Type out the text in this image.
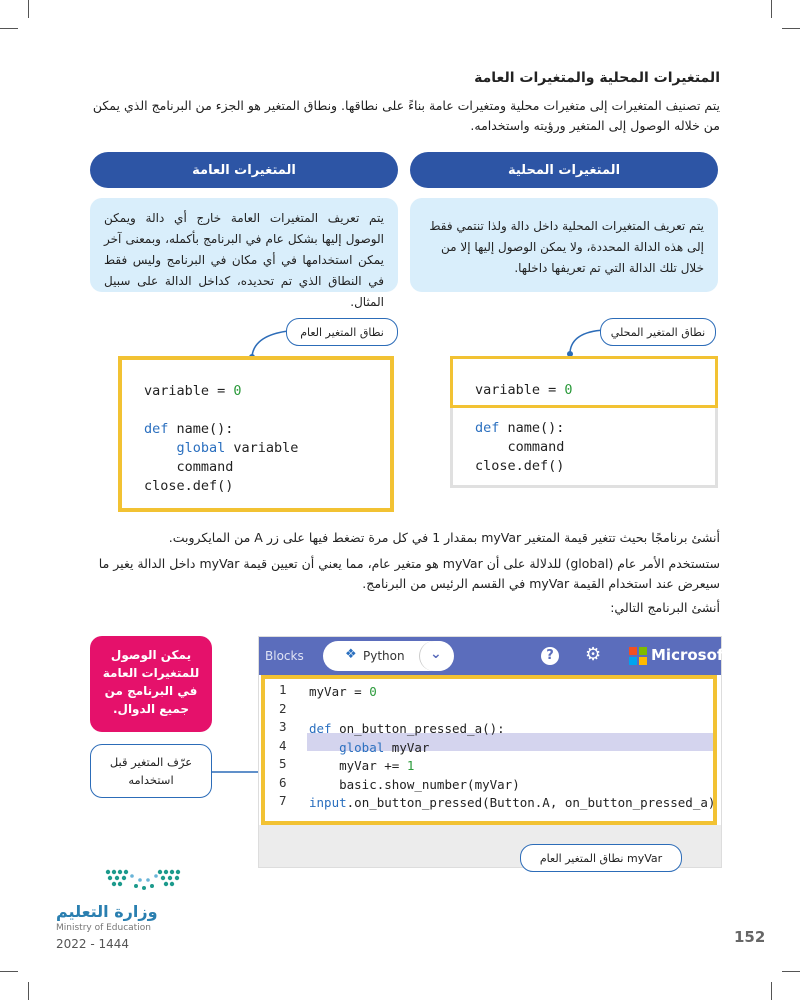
المتغيرات المحلية والمتغيرات العامة
يتم تصنيف المتغيرات إلى متغيرات محلية ومتغيرات عامة بناءً على نطاقها. ونطاق المتغير هو الجزء من البرنامج الذي يمكن من خلاله الوصول إلى المتغير ورؤيته واستخدامه.
المتغيرات العامة	المتغيرات المحلية
يتم تعريف المتغيرات العامة خارج أي دالة ويمكن الوصول إليها بشكل عام في البرنامج بأكمله، وبمعنى آخر يمكن استخدامها في أي مكان في البرنامج وليس فقط في النطاق الذي تم تحديده، كداخل الدالة على سبيل المثال.
يتم تعريف المتغيرات المحلية داخل دالة ولذا تنتمي فقط إلى هذه الدالة المحددة، ولا يمكن الوصول إليها إلا من خلال تلك الدالة التي تم تعريفها داخلها.
نطاق المتغير العام	نطاق المتغير المحلي
variable = 0

def name():
global variable
command
close.def()
variable = 0

def name():
command
close.def()
أنشئ برنامجًا بحيث تتغير قيمة المتغير myVar بمقدار 1 في كل مرة تضغط فيها على زر A من المايكروبت.
ستستخدم الأمر عام (global) للدلالة على أن myVar هو متغير عام، مما يعني أن تعيين قيمة myVar داخل الدالة يغير ما سيعرض عند استخدام القيمة myVar في القسم الرئيس من البرنامج.
أنشئ البرنامج التالي:
يمكن الوصول للمتغيرات العامة في البرنامج من جميع الدوال.
عرّف المتغير قبل استخدامه
Blocks	❖ Python ⌄	? ⚙	Microsoft
1 myVar = 0
2
3 def on_button_pressed_a():
4 global myVar
5 myVar += 1
6 basic.show_number(myVar)
7 input.on_button_pressed(Button.A, on_button_pressed_a)
نطاق المتغير العام myVar
وزارة التعليم
Ministry of Education
2022 - 1444	152
